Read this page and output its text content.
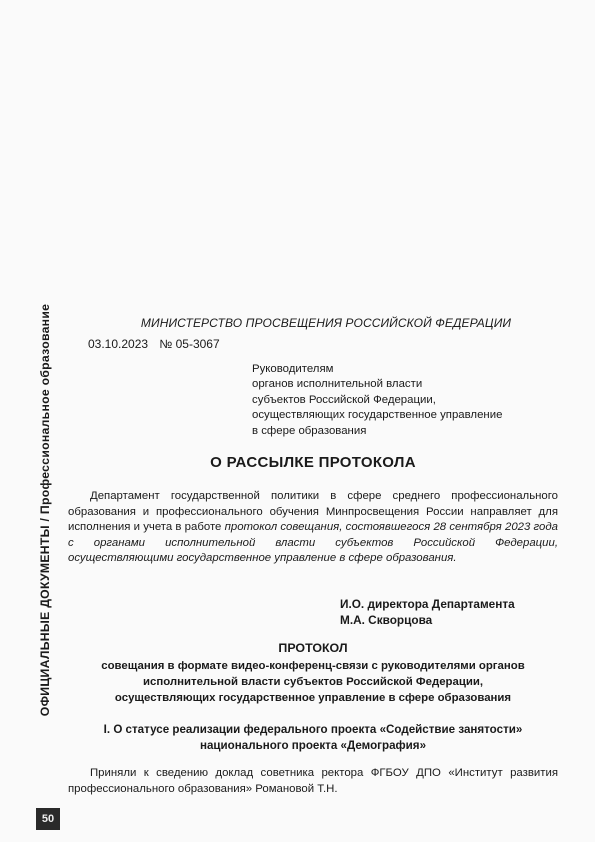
ОФИЦИАЛЬНЫЕ ДОКУМЕНТЫ / Профессиональное образование
50
МИНИСТЕРСТВО ПРОСВЕЩЕНИЯ РОССИЙСКОЙ ФЕДЕРАЦИИ
03.10.2023 № 05-3067
Руководителям
органов исполнительной власти
субъектов Российской Федерации,
осуществляющих государственное управление
в сфере образования
О РАССЫЛКЕ ПРОТОКОЛА
Департамент государственной политики в сфере среднего профессионального образования и профессионального обучения Минпросвещения России направляет для исполнения и учета в работе протокол совещания, состоявшегося 28 сентября 2023 года с органами исполнительной власти субъектов Российской Федерации, осуществляющими государственное управление в сфере образования.
И.О. директора Департамента
М.А. Скворцова
ПРОТОКОЛ
совещания в формате видео-конференц-связи с руководителями органов
исполнительной власти субъектов Российской Федерации,
осуществляющих государственное управление в сфере образования
I. О статусе реализации федерального проекта «Содействие занятости»
национального проекта «Демография»
Приняли к сведению доклад советника ректора ФГБОУ ДПО «Институт развития профессионального образования» Романовой Т.Н.
